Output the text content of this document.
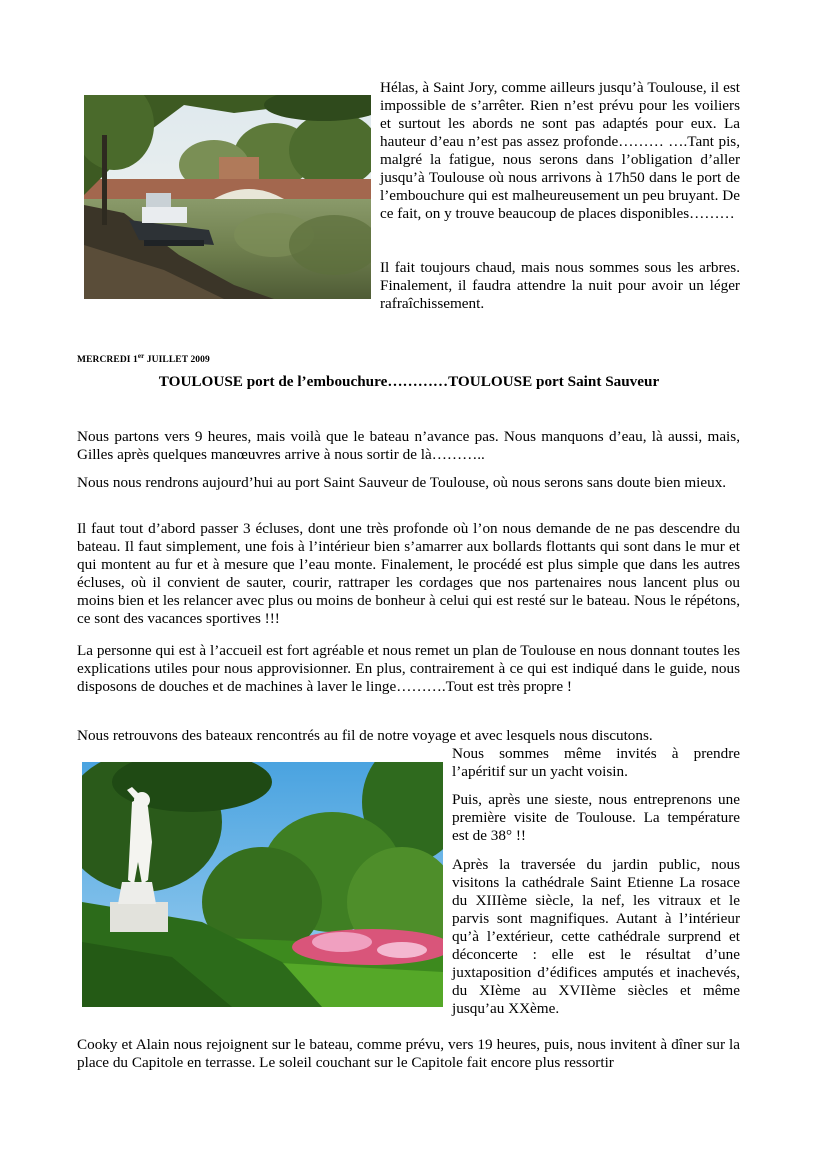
Hélas, à Saint Jory, comme ailleurs jusqu’à Toulouse, il est impossible de s’arrêter. Rien n’est prévu pour les voiliers et surtout les abords ne sont pas adaptés pour eux. La hauteur d’eau n’est pas assez profonde……… ….Tant pis, malgré la fatigue, nous serons dans l’obligation d’aller jusqu’à Toulouse où nous arrivons à 17h50 dans le port de l’embouchure qui est malheureusement un peu bruyant. De ce fait, on y trouve beaucoup de places disponibles………

Il fait toujours chaud, mais nous sommes sous les arbres. Finalement, il faudra attendre la nuit pour avoir un léger rafraîchissement.

MERCREDI 1er JUILLET 2009
TOULOUSE port de l’embouchure…………TOULOUSE port Saint Sauveur

Nous partons vers 9 heures, mais voilà que le bateau n’avance pas. Nous manquons d’eau, là aussi, mais, Gilles après quelques manœuvres arrive à nous sortir de là………..

Nous nous rendrons aujourd’hui au port Saint Sauveur de Toulouse, où nous serons sans doute bien mieux.

Il faut tout d’abord passer 3 écluses, dont une très profonde où l’on nous demande de ne pas descendre du bateau. Il faut simplement, une fois à l’intérieur bien s’amarrer aux bollards flottants qui sont dans le mur et qui montent au fur et à mesure que l’eau monte. Finalement, le procédé est plus simple que dans les autres écluses, où il convient de sauter, courir, rattraper les cordages que nos partenaires nous lancent plus ou moins bien et les relancer avec plus ou moins de bonheur à celui qui est resté sur le bateau. Nous le répétons, ce sont des vacances sportives !!!

La personne qui est à l’accueil est fort agréable et nous remet un plan de Toulouse en nous donnant toutes les explications utiles pour nous approvisionner. En plus, contrairement à ce qui est indiqué dans le guide, nous disposons de douches et de machines à laver le linge……….Tout est très propre !

Nous retrouvons des bateaux rencontrés au fil de notre voyage et avec lesquels nous discutons.

Nous sommes même invités à prendre l’apéritif sur un yacht voisin.

Puis, après une sieste, nous entreprenons une première visite de Toulouse. La température est de 38° !!

Après la traversée du jardin public, nous visitons la cathédrale Saint Etienne La rosace du XIIIème siècle, la nef, les vitraux et le parvis sont magnifiques. Autant à l’intérieur qu’à l’extérieur, cette cathédrale surprend et déconcerte : elle est le résultat d’une juxtaposition d’édifices amputés et inachevés, du XIème au XVIIème siècles et même jusqu’au XXème.

Cooky et Alain nous rejoignent sur le bateau, comme prévu, vers 19 heures, puis, nous invitent à dîner sur la place du Capitole en terrasse. Le soleil couchant sur le Capitole fait encore plus ressortir
